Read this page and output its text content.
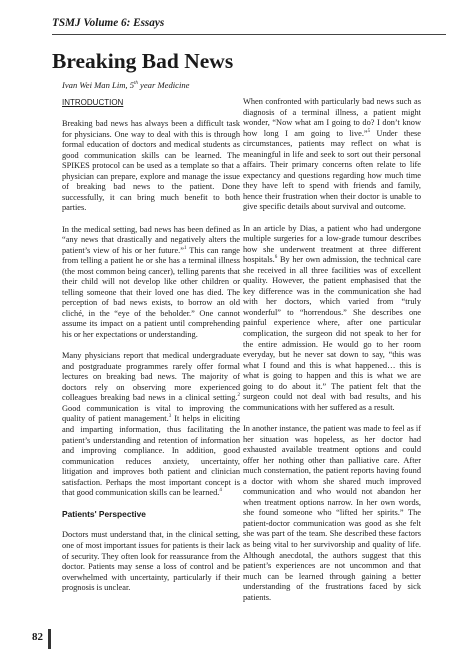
TSMJ Volume 6: Essays
Breaking Bad News
Ivan Wei Man Lim, 5th year Medicine
INTRODUCTION

Breaking bad news has always been a difficult task for physicians. One way to deal with this is through formal education of doctors and medical students as good communication skills can be learned. The SPIKES protocol can be used as a template so that a physician can prepare, explore and manage the issue of breaking bad news to the patient. Done successfully, it can bring much benefit to both parties.

In the medical setting, bad news has been defined as “any news that drastically and negatively alters the patient’s view of his or her future.”$^1$ This can range from telling a patient he or she has a terminal illness (the most common being cancer), telling parents that their child will not develop like other children or telling someone that their loved one has died. The perception of bad news exists, to borrow an old cliché, in the “eye of the beholder.” One cannot assume its impact on a patient until comprehending his or her expectations or understanding.

Many physicians report that medical undergraduate and postgraduate programmes rarely offer formal lectures on breaking bad news. The majority of doctors rely on observing more experienced colleagues breaking bad news in a clinical setting.$^2$ Good communication is vital to improving the quality of patient management.$^3$ It helps in eliciting and imparting information, thus facilitating the patient’s understanding and retention of information and improving compliance. In addition, good communication reduces anxiety, uncertainty, litigation and improves both patient and clinician satisfaction. Perhaps the most important concept is that good communication skills can be learned.$^4$

Patients' Perspective

Doctors must understand that, in the clinical setting, one of most important issues for patients is their lack of security. They often look for reassurance from the doctor. Patients may sense a loss of control and be overwhelmed with uncertainty, particularly if their prognosis is unclear.

When confronted with particularly bad news such as diagnosis of a terminal illness, a patient might wonder, “Now what am I going to do? I don’t know how long I am going to live.”$^5$ Under these circumstances, patients may reflect on what is meaningful in life and seek to sort out their personal affairs. Their primary concerns often relate to life expectancy and questions regarding how much time they have left to spend with friends and family, hence their frustration when their doctor is unable to give specific details about survival and outcome.

In an article by Dias, a patient who had undergone multiple surgeries for a low-grade tumour describes how she underwent treatment at three different hospitals.$^6$ By her own admission, the technical care she received in all three facilities was of excellent quality. However, the patient emphasised that the key difference was in the communication she had with her doctors, which varied from “truly wonderful” to “horrendous.” She describes one painful experience where, after one particular complication, the surgeon did not speak to her for the entire admission. He would go to her room everyday, but he never sat down to say, “this was what I found and this is what happened… this is what is going to happen and this is what we are going to do about it.” The patient felt that the surgeon could not deal with bad results, and his communications with her suffered as a result.

In another instance, the patient was made to feel as if her situation was hopeless, as her doctor had exhausted available treatment options and could offer her nothing other than palliative care. After much consternation, the patient reports having found a doctor with whom she shared much improved communication and who would not abandon her when treatment options narrow. In her own words, she found someone who “lifted her spirits.” The patient-doctor communication was good as she felt she was part of the team. She described these factors as being vital to her survivorship and quality of life. Although anecdotal, the authors suggest that this patient’s experiences are not uncommon and that much can be learned through gaining a better understanding of the frustrations faced by sick patients.

82
